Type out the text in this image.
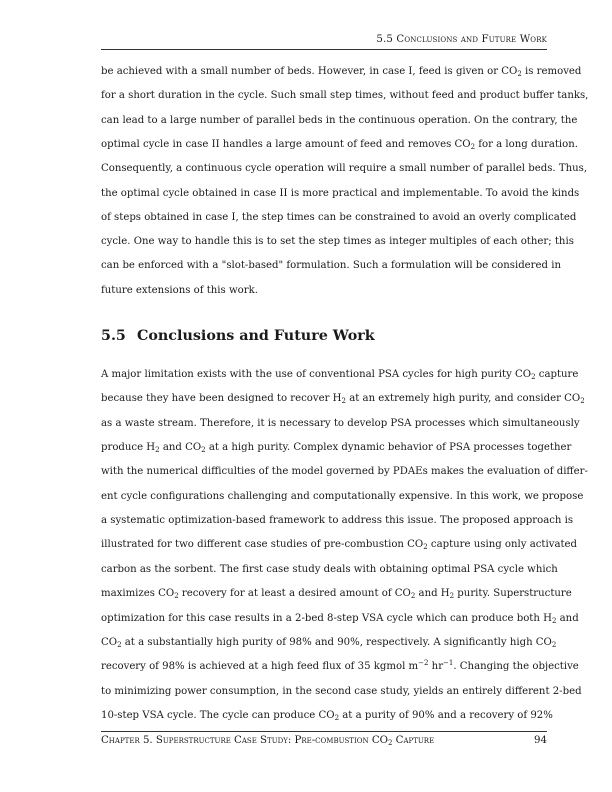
5.5 Conclusions and Future Work
be achieved with a small number of beds. However, in case I, feed is given or $CO_2$ is removed
for a short duration in the cycle. Such small step times, without feed and product buffer tanks,
can lead to a large number of parallel beds in the continuous operation. On the contrary, the
optimal cycle in case II handles a large amount of feed and removes $CO_2$ for a long duration.
Consequently, a continuous cycle operation will require a small number of parallel beds. Thus,
the optimal cycle obtained in case II is more practical and implementable. To avoid the kinds
of steps obtained in case I, the step times can be constrained to avoid an overly complicated
cycle. One way to handle this is to set the step times as integer multiples of each other; this
can be enforced with a "slot-based" formulation. Such a formulation will be considered in
future extensions of this work.
5.5 Conclusions and Future Work
A major limitation exists with the use of conventional PSA cycles for high purity $CO_2$ capture
because they have been designed to recover $H_2$ at an extremely high purity, and consider $CO_2$
as a waste stream. Therefore, it is necessary to develop PSA processes which simultaneously
produce $H_2$ and $CO_2$ at a high purity. Complex dynamic behavior of PSA processes together
with the numerical difficulties of the model governed by PDAEs makes the evaluation of differ-
ent cycle configurations challenging and computationally expensive. In this work, we propose
a systematic optimization-based framework to address this issue. The proposed approach is
illustrated for two different case studies of pre-combustion $CO_2$ capture using only activated
carbon as the sorbent. The first case study deals with obtaining optimal PSA cycle which
maximizes $CO_2$ recovery for at least a desired amount of $CO_2$ and $H_2$ purity. Superstructure
optimization for this case results in a 2-bed 8-step VSA cycle which can produce both $H_2$ and
$CO_2$ at a substantially high purity of 98% and 90%, respectively. A significantly high $CO_2$
recovery of 98% is achieved at a high feed flux of 35 kgmol $m^{-2}$ $hr^{-1}$. Changing the objective
to minimizing power consumption, in the second case study, yields an entirely different 2-bed
10-step VSA cycle. The cycle can produce $CO_2$ at a purity of 90% and a recovery of 92%
Chapter 5. Superstructure Case Study: Pre-combustion $CO_2$ Capture	94
